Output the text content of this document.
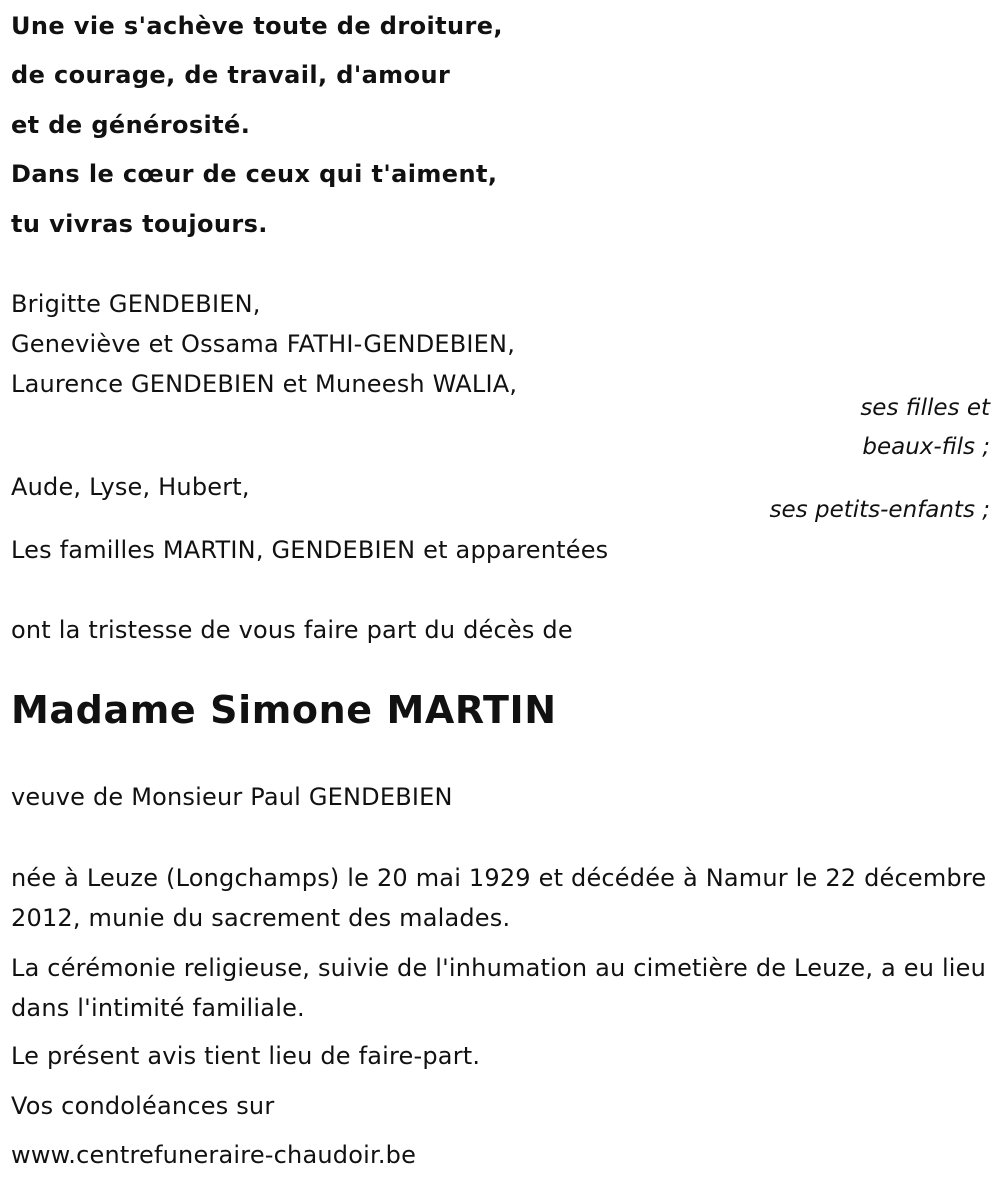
Une vie s'achève toute de droiture,

de courage, de travail, d'amour

et de générosité.

Dans le cœur de ceux qui t'aiment,

tu vivras toujours.

Brigitte GENDEBIEN,

Geneviève et Ossama FATHI-GENDEBIEN,

Laurence GENDEBIEN et Muneesh WALIA,

ses filles et

beaux-fils ;

Aude, Lyse, Hubert,

ses petits-enfants ;

Les familles MARTIN, GENDEBIEN et apparentées

ont la tristesse de vous faire part du décès de

Madame Simone MARTIN

veuve de Monsieur Paul GENDEBIEN

née à Leuze (Longchamps) le 20 mai 1929 et décédée à Namur le 22 décembre 2012, munie du sacrement des malades.

La cérémonie religieuse, suivie de l'inhumation au cimetière de Leuze, a eu lieu dans l'intimité familiale.

Le présent avis tient lieu de faire-part.

Vos condoléances sur

www.centrefuneraire-chaudoir.be
